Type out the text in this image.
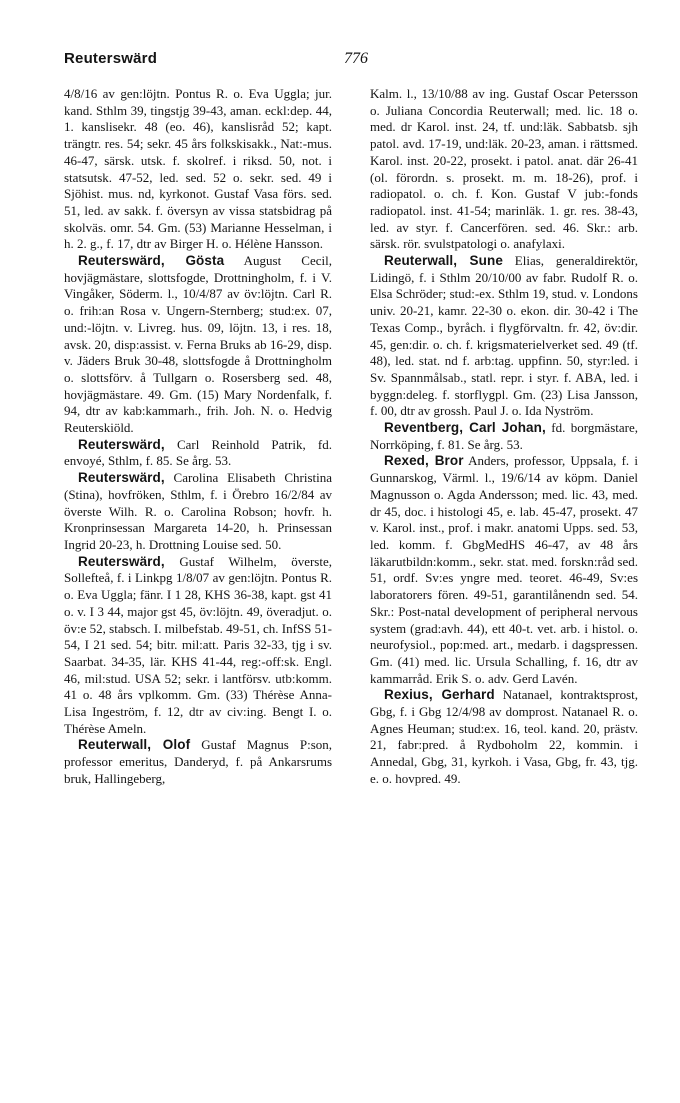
Reuterswärd	776

4/8/16 av gen:löjtn. Pontus R. o. Eva Uggla; jur. kand. Sthlm 39, tingstjg 39-43, aman. eckl:dep. 44, 1. kanslisekr. 48 (eo. 46), kanslisråd 52; kapt. trängtr. res. 54; sekr. 45 års folkskisakk., Nat:-mus. 46-47, särsk. utsk. f. skolref. i riksd. 50, not. i statsutsk. 47-52, led. sed. 52 o. sekr. sed. 49 i Sjöhist. mus. nd, kyrkonot. Gustaf Vasa förs. sed. 51, led. av sakk. f. översyn av vissa statsbidrag på skolväs. omr. 54. Gm. (53) Marianne Hesselman, i h. 2. g., f. 17, dtr av Birger H. o. Hélène Hansson.

Reuterswärd, Gösta August Cecil, hovjägmästare, slottsfogde, Drottningholm, f. i V. Vingåker, Söderm. l., 10/4/87 av öv:löjtn. Carl R. o. frih:an Rosa v. Ungern-Sternberg; stud:ex. 07, und:-löjtn. v. Livreg. hus. 09, löjtn. 13, i res. 18, avsk. 20, disp:assist. v. Ferna Bruks ab 16-29, disp. v. Jäders Bruk 30-48, slottsfogde å Drottningholm o. slottsförv. å Tullgarn o. Rosersberg sed. 48, hovjägmästare. 49. Gm. (15) Mary Nordenfalk, f. 94, dtr av kab:kammarh., frih. Joh. N. o. Hedvig Reuterskiöld.

Reuterswärd, Carl Reinhold Patrik, fd. envoyé, Sthlm, f. 85. Se årg. 53.

Reuterswärd, Carolina Elisabeth Christina (Stina), hovfröken, Sthlm, f. i Örebro 16/2/84 av överste Wilh. R. o. Carolina Robson; hovfr. h. Kronprinsessan Margareta 14-20, h. Prinsessan Ingrid 20-23, h. Drottning Louise sed. 50.

Reuterswärd, Gustaf Wilhelm, överste, Sollefteå, f. i Linkpg 1/8/07 av gen:löjtn. Pontus R. o. Eva Uggla; fänr. I 1 28, KHS 36-38, kapt. gst 41 o. v. I 3 44, major gst 45, öv:löjtn. 49, överadjut. o. öv:e 52, stabsch. I. milbefstab. 49-51, ch. InfSS 51-54, I 21 sed. 54; bitr. mil:att. Paris 32-33, tjg i sv. Saarbat. 34-35, lär. KHS 41-44, reg:-off:sk. Engl. 46, mil:stud. USA 52; sekr. i lantförsv. utb:komm. 41 o. 48 års vplkomm. Gm. (33) Thérèse Anna-Lisa Ingeström, f. 12, dtr av civ:ing. Bengt I. o. Thérèse Ameln.

Reuterwall, Olof Gustaf Magnus P:son, professor emeritus, Danderyd, f. på Ankarsrums bruk, Hallingeberg,

Kalm. l., 13/10/88 av ing. Gustaf Oscar Petersson o. Juliana Concordia Reuterwall; med. lic. 18 o. med. dr Karol. inst. 24, tf. und:läk. Sabbatsb. sjh patol. avd. 17-19, und:läk. 20-23, aman. i rättsmed. Karol. inst. 20-22, prosekt. i patol. anat. där 26-41 (ol. förordn. s. prosekt. m. m. 18-26), prof. i radiopatol. o. ch. f. Kon. Gustaf V jub:-fonds radiopatol. inst. 41-54; marinläk. 1. gr. res. 38-43, led. av styr. f. Cancerfören. sed. 46. Skr.: arb. särsk. rör. svulstpatologi o. anafylaxi.

Reuterwall, Sune Elias, generaldirektör, Lidingö, f. i Sthlm 20/10/00 av fabr. Rudolf R. o. Elsa Schröder; stud:-ex. Sthlm 19, stud. v. Londons univ. 20-21, kamr. 22-30 o. ekon. dir. 30-42 i The Texas Comp., byråch. i flygförvaltn. fr. 42, öv:dir. 45, gen:dir. o. ch. f. krigsmaterielverket sed. 49 (tf. 48), led. stat. nd f. arb:tag. uppfinn. 50, styr:led. i Sv. Spannmålsab., statl. repr. i styr. f. ABA, led. i byggn:deleg. f. storflygpl. Gm. (23) Lisa Jansson, f. 00, dtr av grossh. Paul J. o. Ida Nyström.

Reventberg, Carl Johan, fd. borgmästare, Norrköping, f. 81. Se årg. 53.

Rexed, Bror Anders, professor, Uppsala, f. i Gunnarskog, Värml. l., 19/6/14 av köpm. Daniel Magnusson o. Agda Andersson; med. lic. 43, med. dr 45, doc. i histologi 45, e. lab. 45-47, prosekt. 47 v. Karol. inst., prof. i makr. anatomi Upps. sed. 53, led. komm. f. GbgMedHS 46-47, av 48 års läkarutbildn:komm., sekr. stat. med. forskn:råd sed. 51, ordf. Sv:es yngre med. teoret. 46-49, Sv:es laboratorers fören. 49-51, garantilånendn sed. 54. Skr.: Post-natal development of peripheral nervous system (grad:avh. 44), ett 40-t. vet. arb. i histol. o. neurofysiol., pop:med. art., medarb. i dagspressen. Gm. (41) med. lic. Ursula Schalling, f. 16, dtr av kammarråd. Erik S. o. adv. Gerd Lavén.

Rexius, Gerhard Natanael, kontraktsprost, Gbg, f. i Gbg 12/4/98 av domprost. Natanael R. o. Agnes Heuman; stud:ex. 16, teol. kand. 20, prästv. 21, fabr:pred. å Rydboholm 22, kommin. i Annedal, Gbg, 31, kyrkoh. i Vasa, Gbg, fr. 43, tjg. e. o. hovpred. 49.
